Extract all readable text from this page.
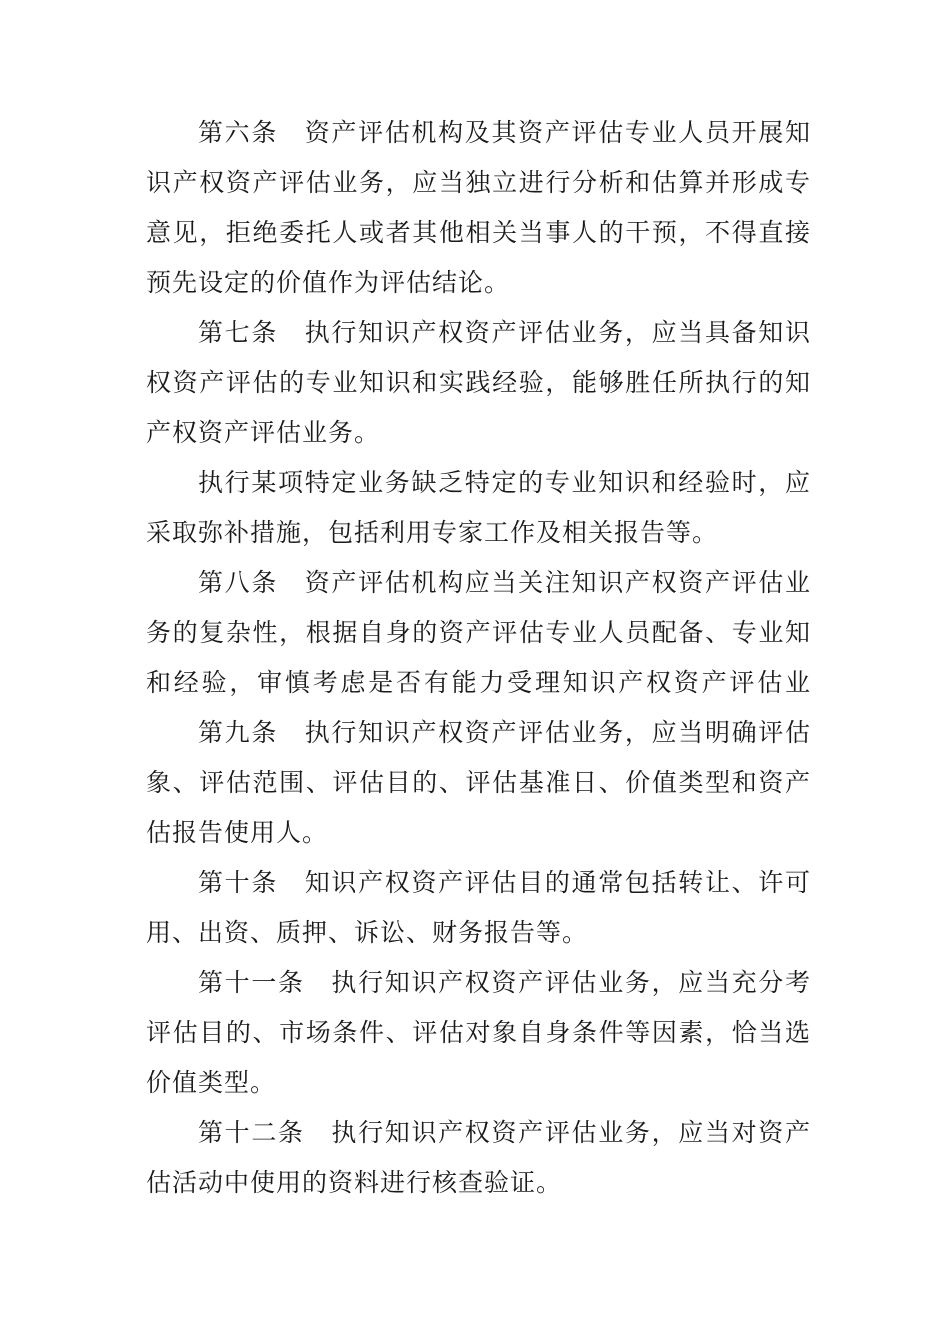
第六条　资产评估机构及其资产评估专业人员开展知
识产权资产评估业务，应当独立进行分析和估算并形成专
意见，拒绝委托人或者其他相关当事人的干预，不得直接
预先设定的价值作为评估结论。
第七条　执行知识产权资产评估业务，应当具备知识
权资产评估的专业知识和实践经验，能够胜任所执行的知
产权资产评估业务。
执行某项特定业务缺乏特定的专业知识和经验时，应
采取弥补措施，包括利用专家工作及相关报告等。
第八条　资产评估机构应当关注知识产权资产评估业
务的复杂性，根据自身的资产评估专业人员配备、专业知
和经验，审慎考虑是否有能力受理知识产权资产评估业
第九条　执行知识产权资产评估业务，应当明确评估
象、评估范围、评估目的、评估基准日、价值类型和资产
估报告使用人。
第十条　知识产权资产评估目的通常包括转让、许可
用、出资、质押、诉讼、财务报告等。
第十一条　执行知识产权资产评估业务，应当充分考
评估目的、市场条件、评估对象自身条件等因素，恰当选
价值类型。
第十二条　执行知识产权资产评估业务，应当对资产
估活动中使用的资料进行核查验证。
